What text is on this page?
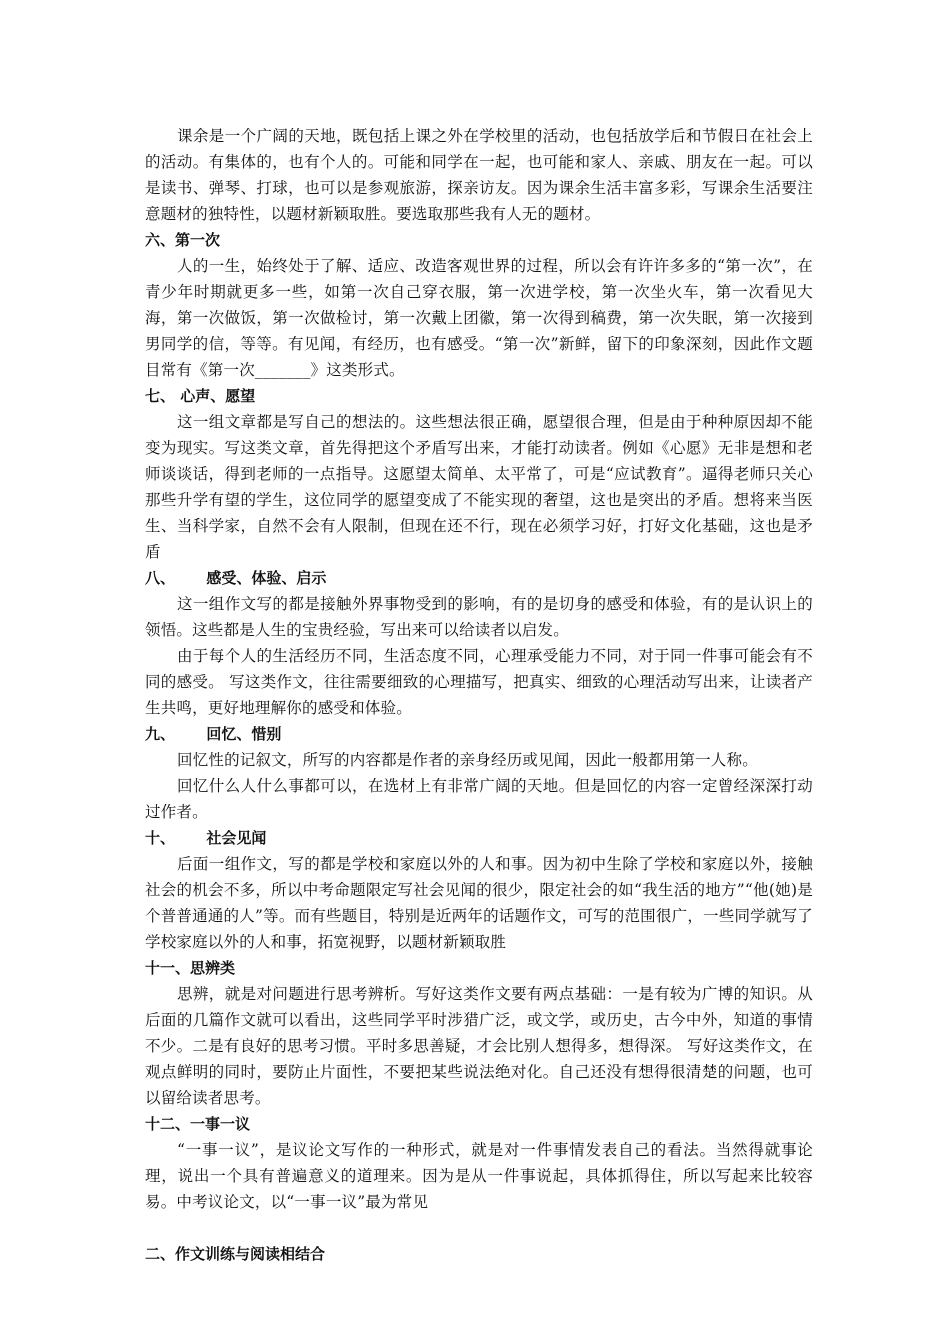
课余是一个广阔的天地，既包括上课之外在学校里的活动，也包括放学后和节假日在社会上的活动。有集体的，也有个人的。可能和同学在一起，也可能和家人、亲戚、朋友在一起。可以是读书、弹琴、打球，也可以是参观旅游，探亲访友。因为课余生活丰富多彩，写课余生活要注意题材的独特性，以题材新颖取胜。要选取那些我有人无的题材。

六、第一次

人的一生，始终处于了解、适应、改造客观世界的过程，所以会有许许多多的“第一次”，在青少年时期就更多一些，如第一次自己穿衣服，第一次进学校，第一次坐火车，第一次看见大海，第一次做饭，第一次做检讨，第一次戴上团徽，第一次得到稿费，第一次失眠，第一次接到男同学的信，等等。有见闻，有经历，也有感受。“第一次”新鲜，留下的印象深刻，因此作文题目常有《第一次_______》这类形式。

七、 心声、愿望

这一组文章都是写自己的想法的。这些想法很正确，愿望很合理，但是由于种种原因却不能变为现实。写这类文章，首先得把这个矛盾写出来，才能打动读者。例如《心愿》无非是想和老师谈谈话，得到老师的一点指导。这愿望太简单、太平常了，可是“应试教育”。逼得老师只关心那些升学有望的学生，这位同学的愿望变成了不能实现的奢望，这也是突出的矛盾。想将来当医生、当科学家，自然不会有人限制，但现在还不行，现在必须学习好，打好文化基础，这也是矛盾

八、      感受、体验、启示

这一组作文写的都是接触外界事物受到的影响，有的是切身的感受和体验，有的是认识上的领悟。这些都是人生的宝贵经验，写出来可以给读者以启发。

由于每个人的生活经历不同，生活态度不同，心理承受能力不同，对于同一件事可能会有不同的感受。 写这类作文，往往需要细致的心理描写，把真实、细致的心理活动写出来，让读者产生共鸣，更好地理解你的感受和体验。

九、      回忆、惜别

回忆性的记叙文，所写的内容都是作者的亲身经历或见闻，因此一般都用第一人称。

回忆什么人什么事都可以，在选材上有非常广阔的天地。但是回忆的内容一定曾经深深打动过作者。

十、      社会见闻

后面一组作文，写的都是学校和家庭以外的人和事。因为初中生除了学校和家庭以外，接触社会的机会不多，所以中考命题限定写社会见闻的很少，限定社会的如“我生活的地方”“他(她)是个普普通通的人”等。而有些题目，特别是近两年的话题作文，可写的范围很广，一些同学就写了学校家庭以外的人和事，拓宽视野，以题材新颖取胜

十一、思辨类

思辨，就是对问题进行思考辨析。写好这类作文要有两点基础：一是有较为广博的知识。从后面的几篇作文就可以看出，这些同学平时涉猎广泛，或文学，或历史，古今中外，知道的事情不少。二是有良好的思考习惯。平时多思善疑，才会比别人想得多，想得深。 写好这类作文，在观点鲜明的同时，要防止片面性，不要把某些说法绝对化。自己还没有想得很清楚的问题，也可以留给读者思考。

十二、一事一议

“一事一议”，是议论文写作的一种形式，就是对一件事情发表自己的看法。当然得就事论理，说出一个具有普遍意义的道理来。因为是从一件事说起，具体抓得住，所以写起来比较容易。中考议论文，以“一事一议”最为常见

二、作文训练与阅读相结合
